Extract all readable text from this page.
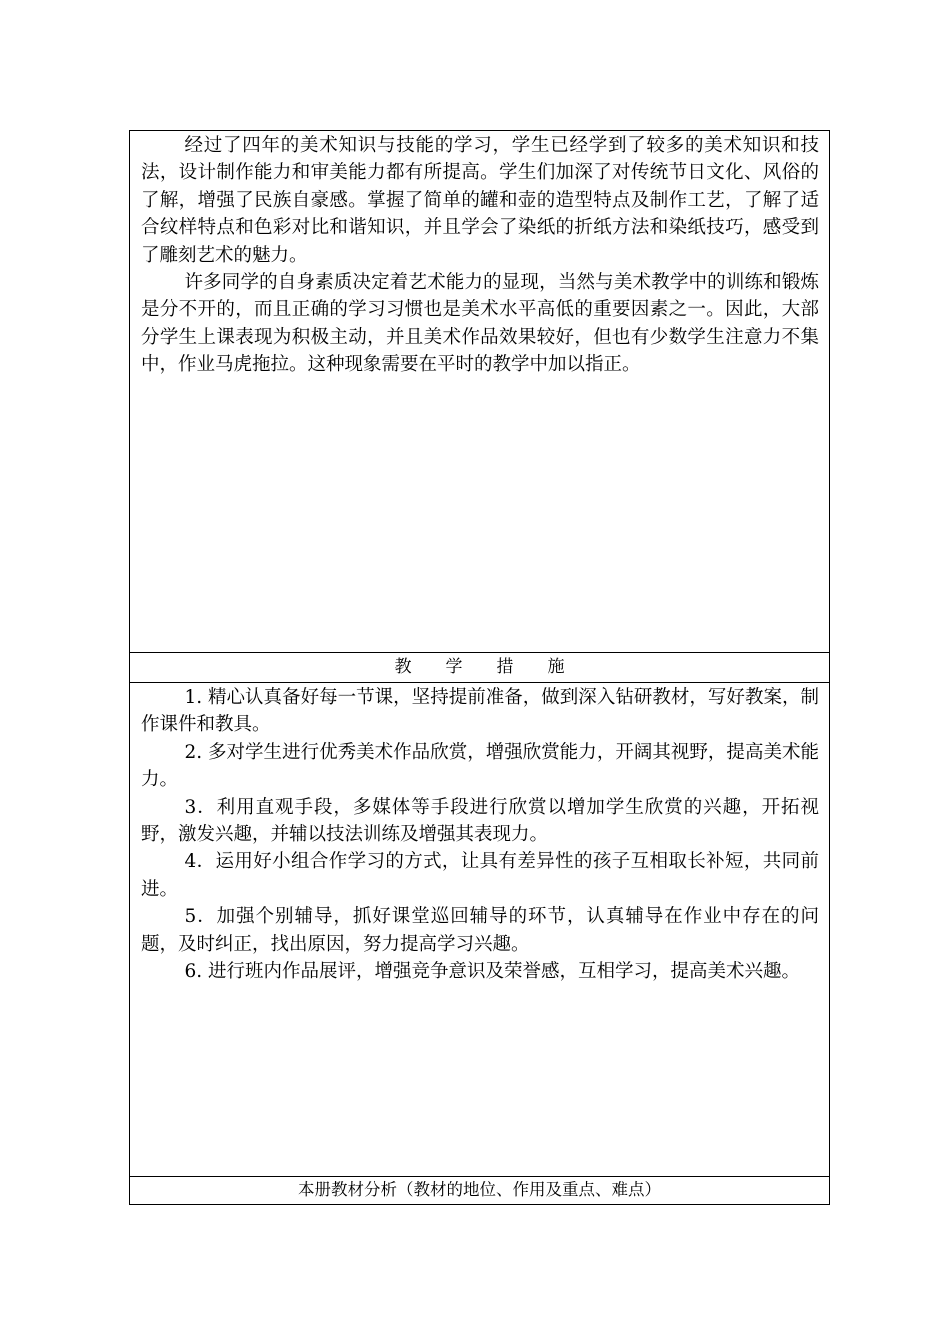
经过了四年的美术知识与技能的学习，学生已经学到了较多的美术知识和技法，设计制作能力和审美能力都有所提高。学生们加深了对传统节日文化、风俗的了解，增强了民族自豪感。掌握了简单的罐和壶的造型特点及制作工艺，了解了适合纹样特点和色彩对比和谐知识，并且学会了染纸的折纸方法和染纸技巧，感受到了雕刻艺术的魅力。

许多同学的自身素质决定着艺术能力的显现，当然与美术教学中的训练和锻炼是分不开的，而且正确的学习习惯也是美术水平高低的重要因素之一。因此，大部分学生上课表现为积极主动，并且美术作品效果较好，但也有少数学生注意力不集中，作业马虎拖拉。这种现象需要在平时的教学中加以指正。

教学措施

1. 精心认真备好每一节课，坚持提前准备，做到深入钻研教材，写好教案，制作课件和教具。

2. 多对学生进行优秀美术作品欣赏，增强欣赏能力，开阔其视野，提高美术能力。

3．利用直观手段，多媒体等手段进行欣赏以增加学生欣赏的兴趣，开拓视野，激发兴趣，并辅以技法训练及增强其表现力。

4．运用好小组合作学习的方式，让具有差异性的孩子互相取长补短，共同前进。

5．加强个别辅导，抓好课堂巡回辅导的环节，认真辅导在作业中存在的问题，及时纠正，找出原因，努力提高学习兴趣。

6. 进行班内作品展评，增强竞争意识及荣誉感，互相学习，提高美术兴趣。

本册教材分析（教材的地位、作用及重点、难点）
